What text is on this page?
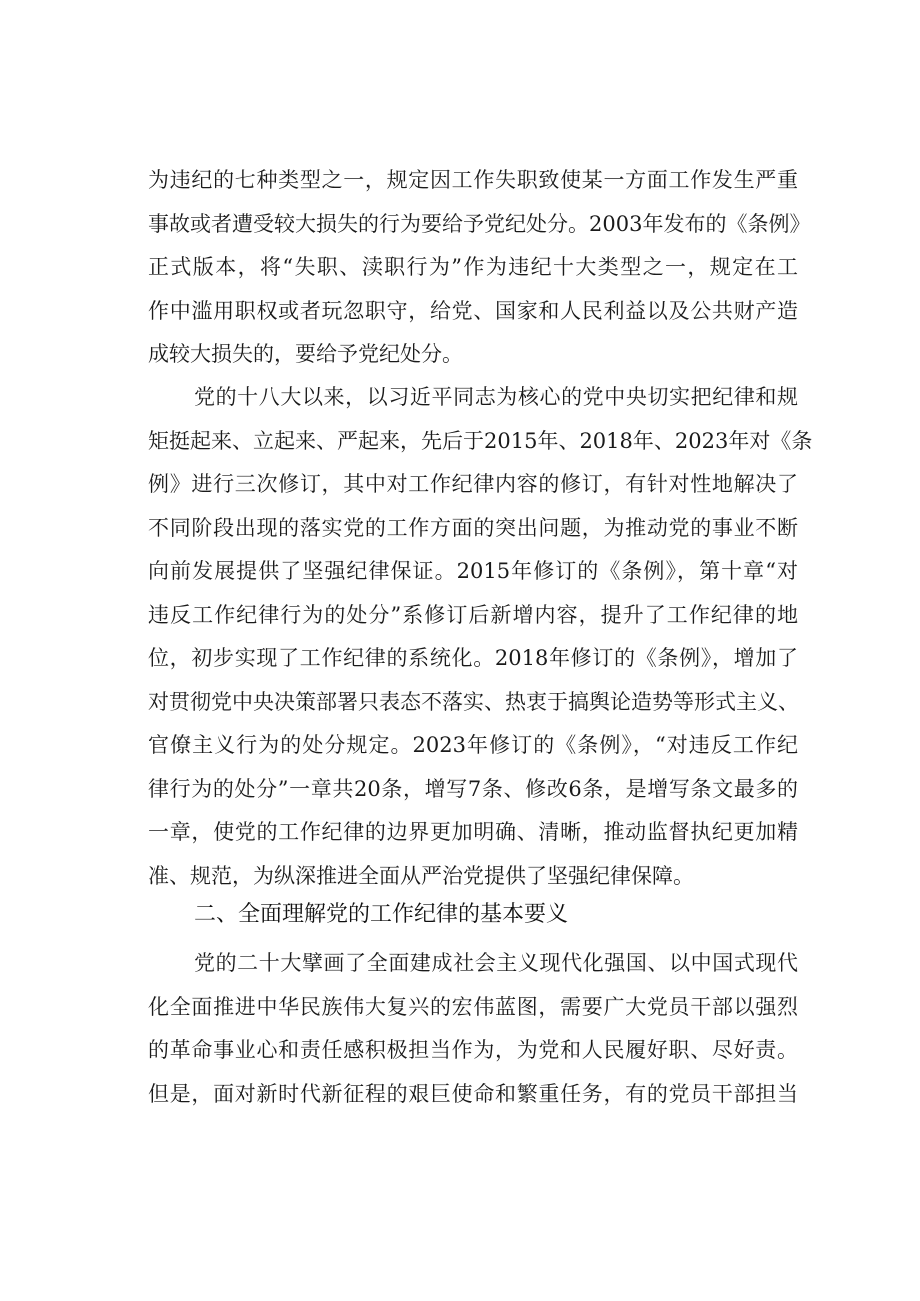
为违纪的七种类型之一，规定因工作失职致使某一方面工作发生严重
事故或者遭受较大损失的行为要给予党纪处分。2003年发布的《条例》
正式版本，将“失职、渎职行为”作为违纪十大类型之一，规定在工
作中滥用职权或者玩忽职守，给党、国家和人民利益以及公共财产造
成较大损失的，要给予党纪处分。
党的十八大以来，以习近平同志为核心的党中央切实把纪律和规
矩挺起来、立起来、严起来，先后于2015年、2018年、2023年对《条
例》进行三次修订，其中对工作纪律内容的修订，有针对性地解决了
不同阶段出现的落实党的工作方面的突出问题，为推动党的事业不断
向前发展提供了坚强纪律保证。2015年修订的《条例》，第十章“对
违反工作纪律行为的处分”系修订后新增内容，提升了工作纪律的地
位，初步实现了工作纪律的系统化。2018年修订的《条例》，增加了
对贯彻党中央决策部署只表态不落实、热衷于搞舆论造势等形式主义、
官僚主义行为的处分规定。2023年修订的《条例》，“对违反工作纪
律行为的处分”一章共20条，增写7条、修改6条，是增写条文最多的
一章，使党的工作纪律的边界更加明确、清晰，推动监督执纪更加精
准、规范，为纵深推进全面从严治党提供了坚强纪律保障。
二、全面理解党的工作纪律的基本要义
党的二十大擘画了全面建成社会主义现代化强国、以中国式现代
化全面推进中华民族伟大复兴的宏伟蓝图，需要广大党员干部以强烈
的革命事业心和责任感积极担当作为，为党和人民履好职、尽好责。
但是，面对新时代新征程的艰巨使命和繁重任务，有的党员干部担当
